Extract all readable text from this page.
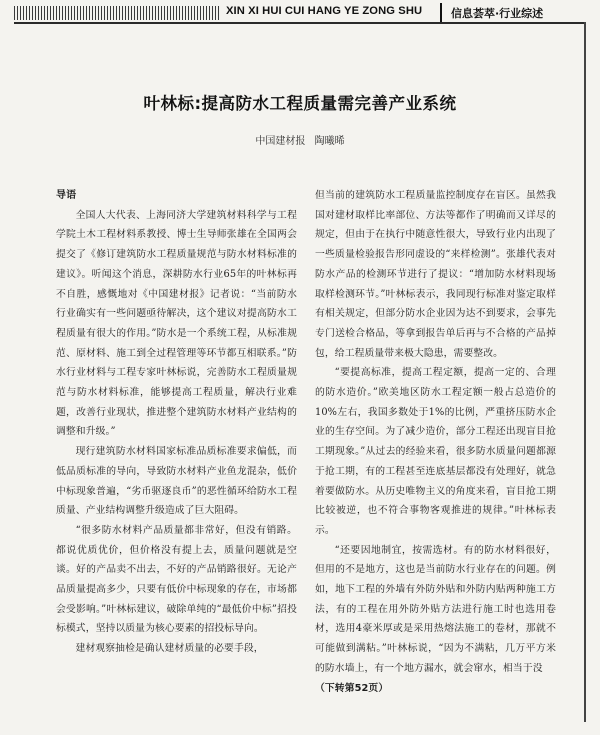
XIN XI HUI CUI HANG YE ZONG SHU	信息荟萃·行业综述
叶林标:提高防水工程质量需完善产业系统
中国建材报 陶曦晞

导语

全国人大代表、上海同济大学建筑材料科学与工程学院土木工程材料系教授、博士生导师张雄在全国两会提交了《修订建筑防水工程质量规范与防水材料标准的建议》。听闻这个消息，深耕防水行业65年的叶林标再不自胜，感慨地对《中国建材报》记者说：“当前防水行业确实有一些问题亟待解决，这个建议对提高防水工程质量有很大的作用。”防水是一个系统工程，从标准规范、原材料、施工到全过程管理等环节都互相联系。”防水行业材料与工程专家叶林标说，完善防水工程质量规范与防水材料标准，能够提高工程质量，解决行业难题，改善行业现状，推进整个建筑防水材料产业结构的调整和升级。”

现行建筑防水材料国家标准品质标准要求偏低，而低品质标准的导向，导致防水材料产业鱼龙混杂，低价中标现象普遍，“劣币驱逐良币”的恶性循环给防水工程质量、产业结构调整升级造成了巨大阻碍。

“很多防水材料产品质量都非常好，但没有销路。都说优质优价，但价格没有提上去，质量问题就是空谈。好的产品卖不出去，不好的产品销路很好。无论产品质量提高多少，只要有低价中标现象的存在，市场都会受影响。”叶林标建议，破除单纯的“最低价中标”招投标模式，坚持以质量为核心要素的招投标导向。

建材观察抽检是确认建材质量的必要手段，

但当前的建筑防水工程质量监控制度存在盲区。虽然我国对建材取样比率部位、方法等都作了明确而又详尽的规定，但由于在执行中随意性很大，导致行业内出现了一些质量检验报告形同虚设的“来样检测”。张雄代表对防水产品的检测环节进行了提议：“增加防水材料现场取样检测环节。”叶林标表示，我同现行标准对鉴定取样有相关规定，但部分防水企业因为达不到要求，会事先专门送检合格品，等拿到报告单后再与不合格的产品掉包，给工程质量带来极大隐患，需要整改。

“要提高标准，提高工程定额，提高一定的、合理的防水造价。”欧美地区防水工程定额一般占总造价的10%左右，我国多数处于1%的比例，严重挤压防水企业的生存空间。为了减少造价，部分工程还出现盲目抢工期现象。”从过去的经验来看，很多防水质量问题都源于抢工期，有的工程甚至连底基层都没有处理好，就急着要做防水。从历史唯物主义的角度来看，盲目抢工期比较被逆，也不符合事物客观推进的规律。”叶林标表示。

“还要因地制宜，按需选材。有的防水材料很好，但用的不是地方，这也是当前防水行业存在的问题。例如，地下工程的外墙有外防外贴和外防内贴两种施工方法，有的工程在用外防外贴方法进行施工时也选用卷材，选用4豪米厚或是采用热熔法施工的卷材，那就不可能做到满粘。”叶林标说，“因为不满粘，几万平方米的防水墙上，有一个地方漏水，就会窜水，相当于没

（下转第52页）
